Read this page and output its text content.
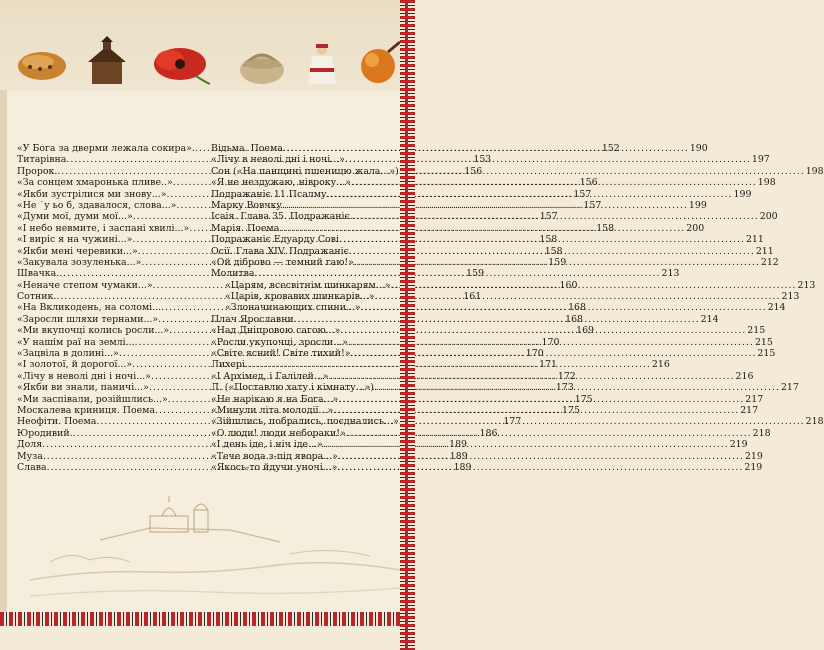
«У Бога за дверми лежала сокира». .....	152
Титарівна .....	153
Пророк. .....	156
«За сонцем хмаронька пливе..» .....	156
«Якби зустрілися ми знову...» .....	157
«Не ˙у ьо б, здавалося, слова...» .....	157
«Думи мої, думи мої...» .....	157
«І небо невмите, і заспані хвилі...» .....	158
«І виріс я на чужині...» .....	158
«Якби мені черевики...» .....	158
«Закувала зозуленька...» .....	159
Швачка. .....	159
«Неначе степом чумаки...» .....	160
Сотник. .....	161
«На Вкликодень, на соломі... .....	168
«Заросли шляхи тернами...» .....	168
«Ми вкупочці колись росли...» .....	169
«У нашім раї на землі... .....	170
«Зацвіла в долині...» .....	170
«І золотої, й дорогої...» .....	171
«Лічу в неволі дні і ночі...» .....	172
«Якби ви знали, паничі...» .....	173
«Ми заспівали, розійшлись...» .....	175
Москалева криниця. Поема .....	175
Неофіти. Поема .....	177
Юродивий. .....	186
Доля .....	189
Муза .....	189
Слава .....	189
Відьма. Поема .....	190
«Лічу в неволі дні і ночі...» .....	197
Сон («На панщині пшеницю жала...») .....	198
«Я не нездужаю, нівроку...» .....	198
Подражаніє 11 Псалму .....	199
Марку Вовчку .....	199
Ісаія. Глава 35. Подражаніє. .....	200
Марія. Поема .....	200
Подражаніє Едуарду Сові .....	211
Осії. Глава XIV. Подражаніє .....	211
«Ой діброво — темний гаю!» .....	212
Молитва .....	213
«Царям, всесвітнім шинкарям...» .....	213
«Царів, кровавих шинкарів...» .....	213
«Злоначинающих спини...» .....	214
Плач Ярославни .....	214
«Над Дніпровою сагою...» .....	215
«Росли укупочці, зросли...» .....	215
«Світе ясний! Світе тихий!» .....	215
Лихері .....	216
«І Архімед, і Галілей...» .....	216
Л. («Поставлю хату і кімнату...») .....	217
«Не нарікаю я на Бога...» .....	217
«Минули літа молодії...» .....	217
«Зійшлись, побрались, поєднались...» .....	218
«О люди! люди небораки!» .....	218
«І день іде, і ніч іде...» .....	219
«Тече вода з-під явора...» .....	219
«Якось-то йдучи уночі...» .....	219
